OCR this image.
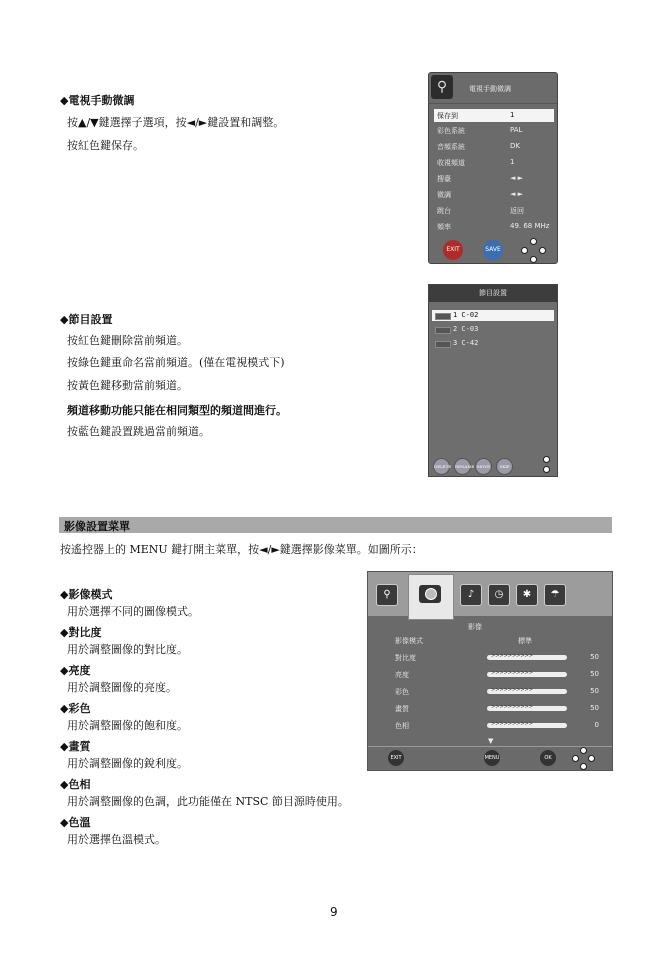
◆電視手動微調
按▲/▼鍵選擇子選項，按◄/►鍵設置和調整。
按紅色鍵保存。
⚲	電視手動微調
保存到	1
彩色系統	PAL
音頻系統	DK
收視頻道	1
搜臺	◄ ►
微調	◄ ►
跳台	返回
頻率	49. 68 MHz
EXIT	SAVE
◆節目設置
按紅色鍵刪除當前頻道。
按綠色鍵重命名當前頻道。(僅在電視模式下)
按黃色鍵移動當前頻道。
頻道移動功能只能在相同類型的頻道間進行。
按藍色鍵設置跳過當前頻道。
節目設置
1 C-02
2 C-03
3 C-42
DELETE RENAME MOVE	SKIP
影像設置菜單
按遙控器上的 MENU 鍵打開主菜單，按◄/►鍵選擇影像菜單。如圖所示：
◆影像模式
用於選擇不同的圖像模式。
◆對比度
用於調整圖像的對比度。
◆亮度
用於調整圖像的亮度。
◆彩色
用於調整圖像的飽和度。
◆畫質
用於調整圖像的銳利度。
◆色相
用於調整圖像的色調，此功能僅在 NTSC 節目源時使用。
◆色溫
用於選擇色溫模式。
⚲	♪	◷	✱	☂
影像
影像模式	標準
對比度	>>>>>>>>>>	50
亮度	>>>>>>>>>>	50
彩色	>>>>>>>>>>	50
畫質	>>>>>>>>>>	50
色相	>>>>>>>>>>	0
▼
EXIT	MENU	OK
9
